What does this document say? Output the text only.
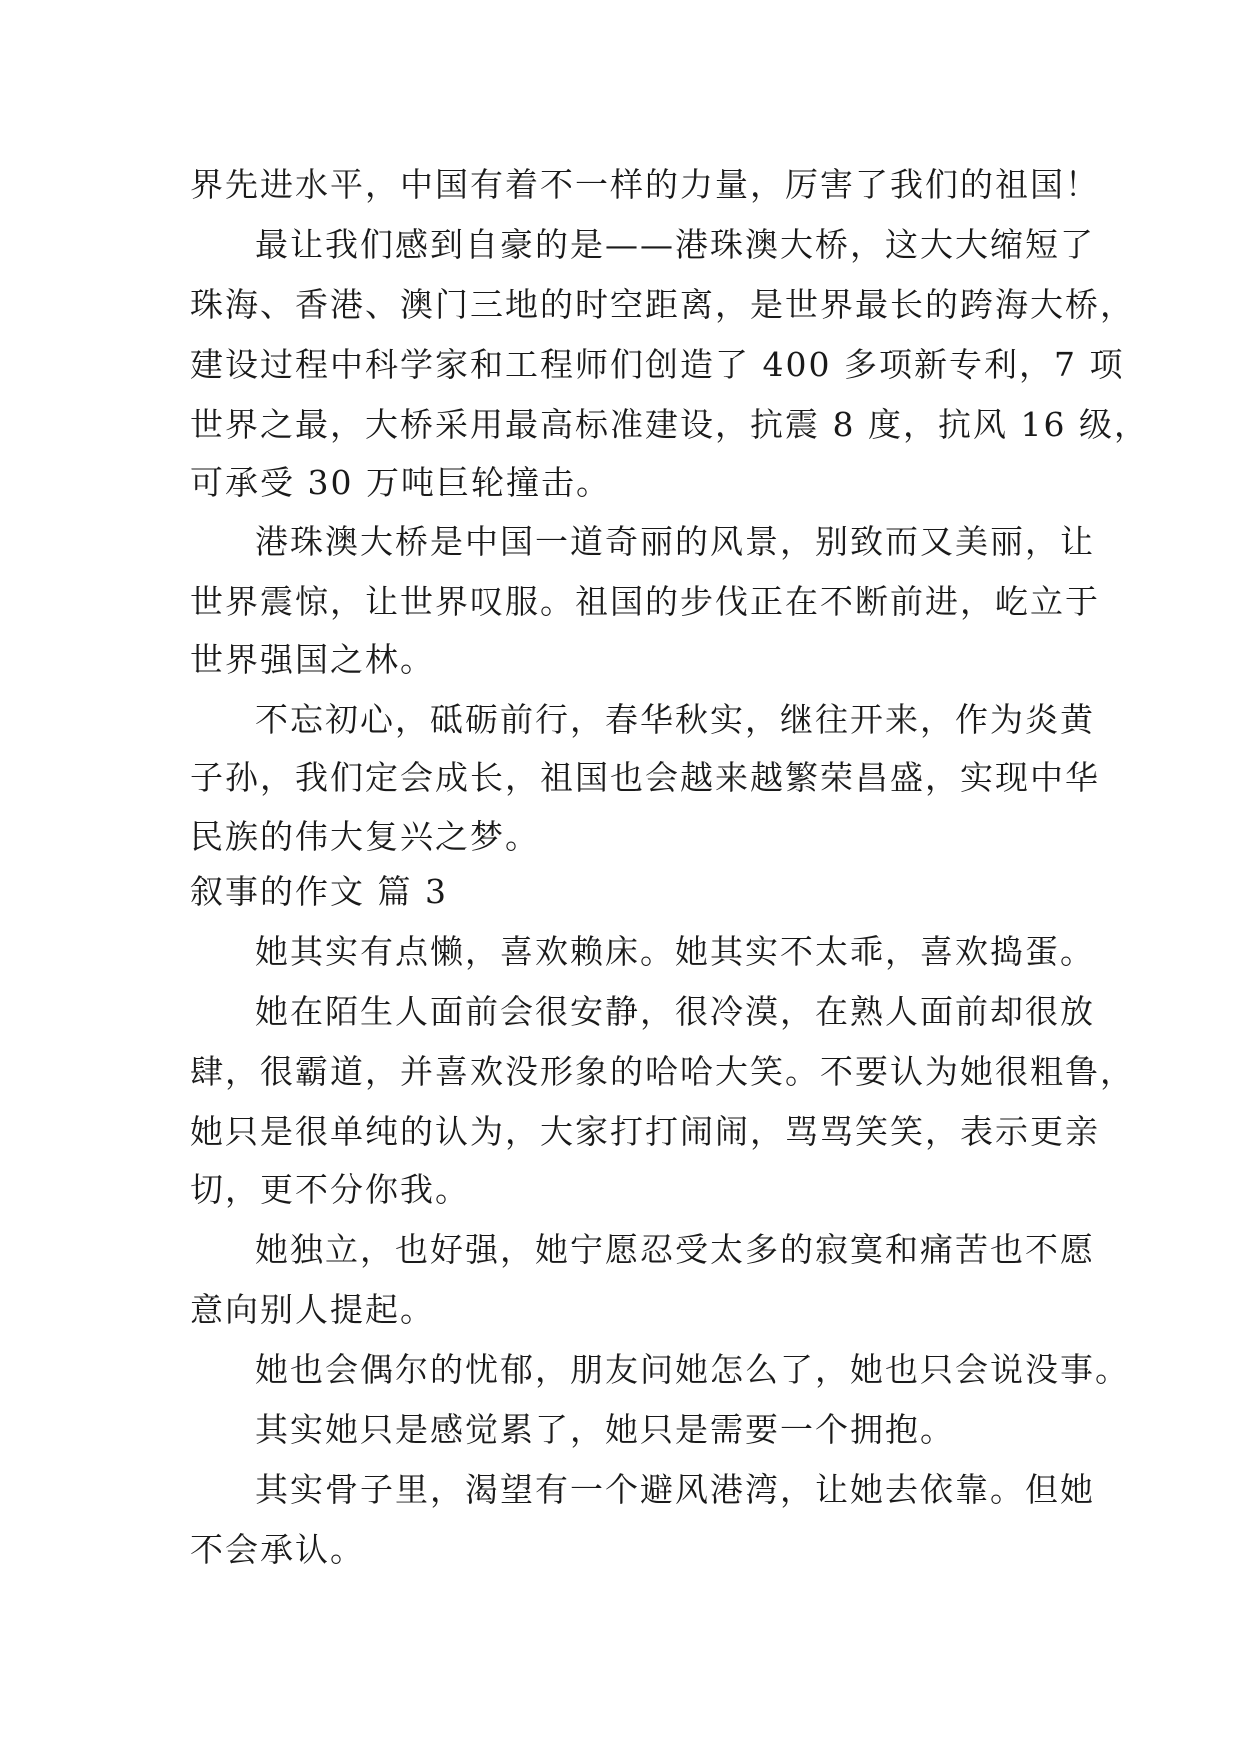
界先进水平，中国有着不一样的力量，厉害了我们的祖国！
最让我们感到自豪的是——港珠澳大桥，这大大缩短了
珠海、香港、澳门三地的时空距离，是世界最长的跨海大桥，
建设过程中科学家和工程师们创造了 400 多项新专利，7 项
世界之最，大桥采用最高标准建设，抗震 8 度，抗风 16 级，
可承受 30 万吨巨轮撞击。
港珠澳大桥是中国一道奇丽的风景，别致而又美丽，让
世界震惊，让世界叹服。祖国的步伐正在不断前进，屹立于
世界强国之林。
不忘初心，砥砺前行，春华秋实，继往开来，作为炎黄
子孙，我们定会成长，祖国也会越来越繁荣昌盛，实现中华
民族的伟大复兴之梦。
叙事的作文 篇 3
她其实有点懒，喜欢赖床。她其实不太乖，喜欢捣蛋。
她在陌生人面前会很安静，很冷漠，在熟人面前却很放
肆，很霸道，并喜欢没形象的哈哈大笑。不要认为她很粗鲁，
她只是很单纯的认为，大家打打闹闹，骂骂笑笑，表示更亲
切，更不分你我。
她独立，也好强，她宁愿忍受太多的寂寞和痛苦也不愿
意向别人提起。
她也会偶尔的忧郁，朋友问她怎么了，她也只会说没事。
其实她只是感觉累了，她只是需要一个拥抱。
其实骨子里，渴望有一个避风港湾，让她去依靠。但她
不会承认。
